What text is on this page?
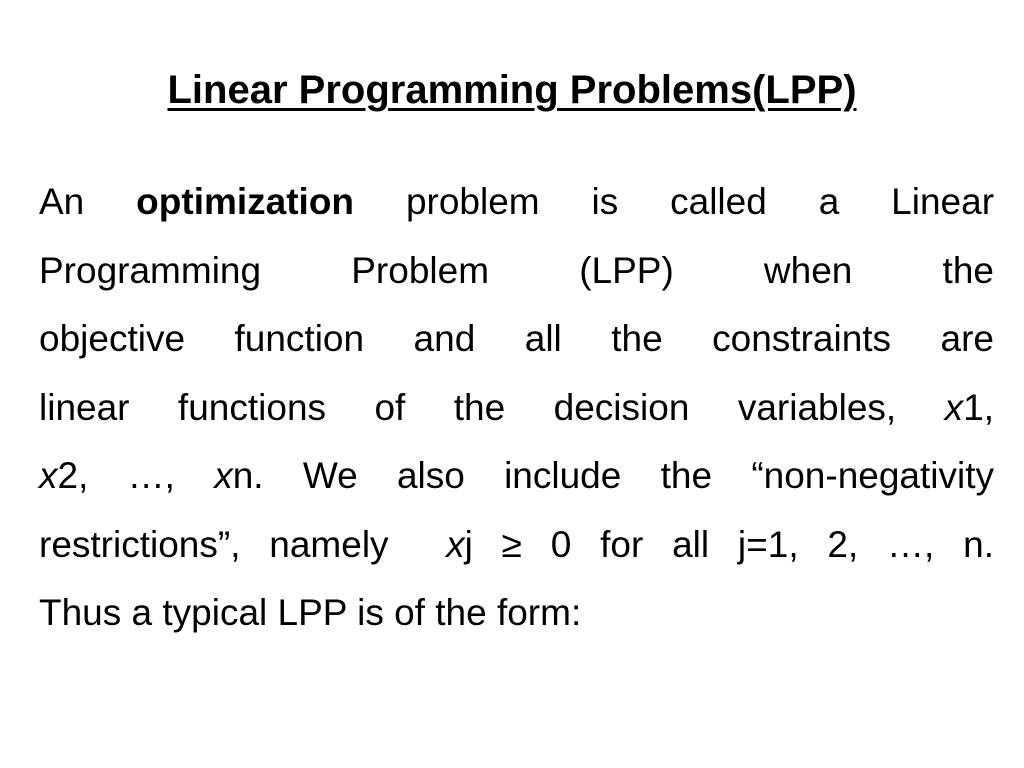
Linear Programming Problems(LPP)
An optimization problem is called a Linear
Programming Problem (LPP) when the
objective function and all the constraints are
linear functions of the decision variables, x1,
x2, …, xn. We also include the “non-negativity
restrictions”, namely xj ≥ 0 for all j=1, 2, …, n.
Thus a typical LPP is of the form:
